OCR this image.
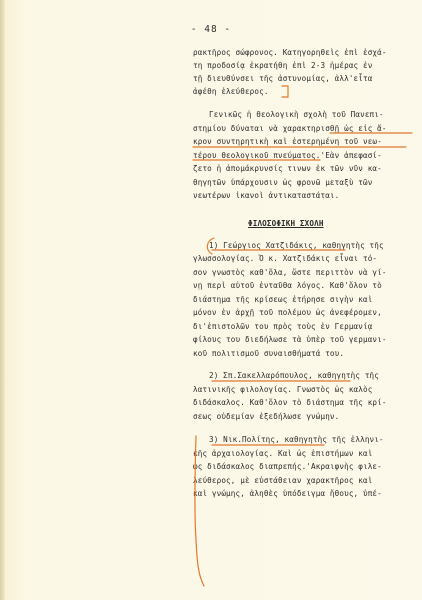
- 48 -
ρακτῆρος σώφρονος. Κατηγορηθεὶς ἐπὶ ἐσχά-
τη προδοσίᾳ ἐκρατήθη ἐπὶ 2-3 ἡμέρας ἐν
τῇ διευθύνσει τῆς ἀστυνομίας, ἀλλ'εἶτα
ἀφέθη ἐλεύθερος.
Γενικῶς ἡ θεολογικὴ σχολὴ τοῦ Πανεπι-
στημίου δύναται νὰ χαρακτηρισθῇ ὡς εἰς ἄ-
κρον συντηρητικὴ καὶ ἐστερημένη τοῦ νεω-
τέρου θεολογικοῦ πνεύματος.'Εὰν ἀπεφασί-
ζετο ἡ ἀπομάκρυνσίς τινων ἐκ τῶν νῦν κα-
θηγητῶν ὑπάρχουσιν ὡς φρονῶ μεταξὺ τῶν
νεωτέρων ἱκανοὶ ἀντικαταστάται.
ΦΙΛΟΣΟΦΙΚΗ ΣΧΟΛΗ
1) Γεώργιος Χατζιδάκις, καθηγητὴς τῆς
γλωσσολογίας. Ὁ κ. Χατζιδάκις εἶναι τό-
σον γνωστὸς καθ'ὅλα, ὥστε περιττὸν νὰ γί-
νῃ περὶ αὐτοῦ ἐνταῦθα λόγος. Καθ'ὅλον τὸ
διάστημα τῆς κρίσεως ἐτήρησε σιγὴν καὶ
μόνον ἐν ἀρχῇ τοῦ πολέμου ὡς ἀνεφέρομεν,
δι'ἐπιστολῶν του πρὸς τοὺς ἐν Γερμανίᾳ
φίλους του διεδήλωσε τὰ ὑπὲρ τοῦ γερμανι-
κοῦ πολιτισμοῦ συναισθήματά του.
2) Σπ.Σακελλαρόπουλος, καθηγητὴς τῆς
λατινικῆς φιλολογίας. Γνωστὸς ὡς καλὸς
διδάσκαλος. Καθ'ὅλον τὸ διάστημα τῆς κρί-
σεως οὐδεμίαν ἐξεδήλωσε γνώμην.
3) Νικ.Πολίτης, καθηγητὴς τῆς ἑλληνι-
κῆς ἀρχαιολογίας. Καὶ ὡς ἐπιστήμων καὶ
ὡς διδάσκαλος διαπρεπής.'Ακραιφνὴς φιλε-
λεύθερος, μὲ εὐστάθειαν χαρακτῆρος καὶ
καὶ γνώμης, ἀληθὲς ὑπόδειγμα ἤθους, ὑπέ-
